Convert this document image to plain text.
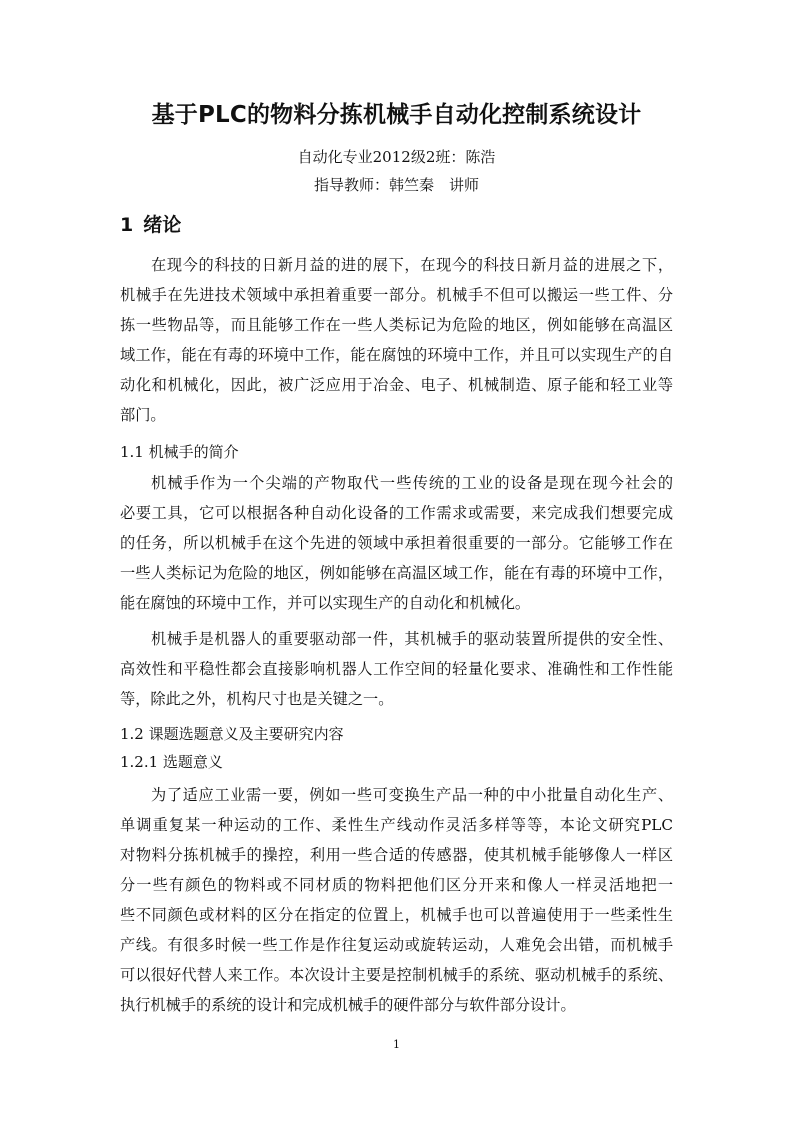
基于PLC的物料分拣机械手自动化控制系统设计
自动化专业2012级2班：陈浩
指导教师：韩竺秦　讲师
1 绪论
在现今的科技的日新月益的进的展下，在现今的科技日新月益的进展之下，
机械手在先进技术领域中承担着重要一部分。机械手不但可以搬运一些工件、分
拣一些物品等，而且能够工作在一些人类标记为危险的地区，例如能够在高温区
域工作，能在有毒的环境中工作，能在腐蚀的环境中工作，并且可以实现生产的自
动化和机械化，因此，被广泛应用于冶金、电子、机械制造、原子能和轻工业等
部门。
1.1 机械手的简介
机械手作为一个尖端的产物取代一些传统的工业的设备是现在现今社会的
必要工具，它可以根据各种自动化设备的工作需求或需要，来完成我们想要完成
的任务，所以机械手在这个先进的领域中承担着很重要的一部分。它能够工作在
一些人类标记为危险的地区，例如能够在高温区域工作，能在有毒的环境中工作，
能在腐蚀的环境中工作，并可以实现生产的自动化和机械化。
机械手是机器人的重要驱动部一件，其机械手的驱动装置所提供的安全性、
高效性和平稳性都会直接影响机器人工作空间的轻量化要求、准确性和工作性能
等，除此之外，机构尺寸也是关键之一。
1.2 课题选题意义及主要研究内容
1.2.1 选题意义
为了适应工业需一要，例如一些可变换生产品一种的中小批量自动化生产、
单调重复某一种运动的工作、柔性生产线动作灵活多样等等，本论文研究PLC
对物料分拣机械手的操控，利用一些合适的传感器，使其机械手能够像人一样区
分一些有颜色的物料或不同材质的物料把他们区分开来和像人一样灵活地把一
些不同颜色或材料的区分在指定的位置上，机械手也可以普遍使用于一些柔性生
产线。有很多时候一些工作是作往复运动或旋转运动，人难免会出错，而机械手
可以很好代替人来工作。本次设计主要是控制机械手的系统、驱动机械手的系统、
执行机械手的系统的设计和完成机械手的硬件部分与软件部分设计。
1
